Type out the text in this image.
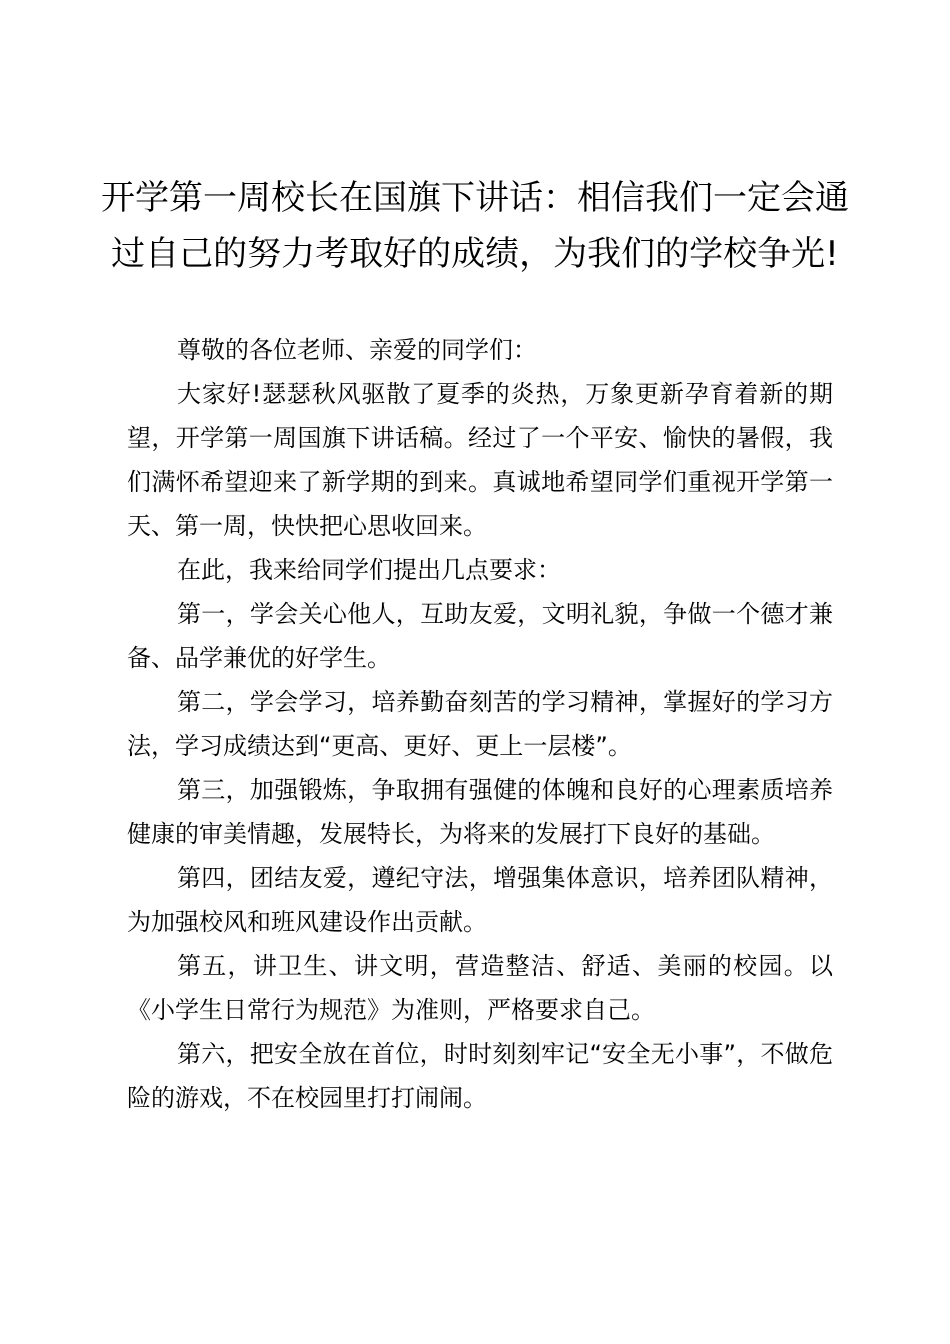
开学第一周校长在国旗下讲话：相信我们一定会通过自己的努力考取好的成绩，为我们的学校争光!

尊敬的各位老师、亲爱的同学们：

大家好!瑟瑟秋风驱散了夏季的炎热，万象更新孕育着新的期望，开学第一周国旗下讲话稿。经过了一个平安、愉快的暑假，我们满怀希望迎来了新学期的到来。真诚地希望同学们重视开学第一天、第一周，快快把心思收回来。

在此，我来给同学们提出几点要求：

第一，学会关心他人，互助友爱，文明礼貌，争做一个德才兼备、品学兼优的好学生。

第二，学会学习，培养勤奋刻苦的学习精神，掌握好的学习方法，学习成绩达到“更高、更好、更上一层楼”。

第三，加强锻炼，争取拥有强健的体魄和良好的心理素质培养健康的审美情趣，发展特长，为将来的发展打下良好的基础。

第四，团结友爱，遵纪守法，增强集体意识，培养团队精神，为加强校风和班风建设作出贡献。

第五，讲卫生、讲文明，营造整洁、舒适、美丽的校园。以《小学生日常行为规范》为准则，严格要求自己。

第六，把安全放在首位，时时刻刻牢记“安全无小事”，不做危险的游戏，不在校园里打打闹闹。
